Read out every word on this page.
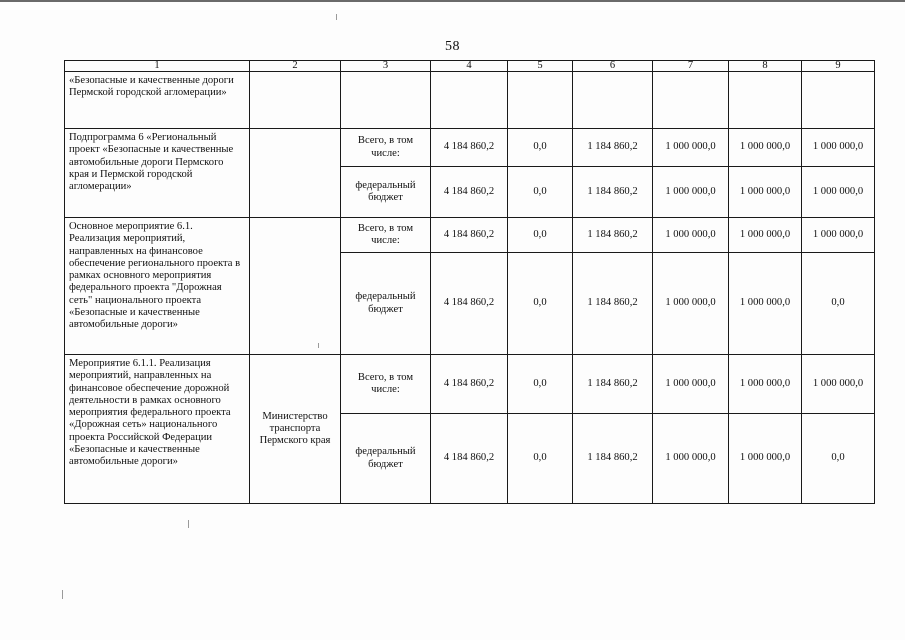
58
1	2	3	4	5	6	7	8	9
«Безопасные и качественные дороги Пермской городской агломерации»								
Подпрограмма 6 «Региональный проект «Безопасные и качественные автомобильные дороги Пермского края и Пермской городской агломерации»		Всего, в том числе:	4 184 860,2	0,0	1 184 860,2	1 000 000,0	1 000 000,0	1 000 000,0
		федеральный бюджет	4 184 860,2	0,0	1 184 860,2	1 000 000,0	1 000 000,0	1 000 000,0
Основное мероприятие 6.1. Реализация мероприятий, направленных на финансовое обеспечение регионального проекта в рамках основного мероприятия федерального проекта "Дорожная сеть" национального проекта «Безопасные и качественные автомобильные дороги»		Всего, в том числе:	4 184 860,2	0,0	1 184 860,2	1 000 000,0	1 000 000,0	1 000 000,0
		федеральный бюджет	4 184 860,2	0,0	1 184 860,2	1 000 000,0	1 000 000,0	0,0
Мероприятие 6.1.1. Реализация мероприятий, направленных на финансовое обеспечение дорожной деятельности в рамках основного мероприятия федерального проекта «Дорожная сеть» национального проекта Российской Федерации «Безопасные и качественные автомобильные дороги»	Министерство транспорта Пермского края	Всего, в том числе:	4 184 860,2	0,0	1 184 860,2	1 000 000,0	1 000 000,0	1 000 000,0
		федеральный бюджет	4 184 860,2	0,0	1 184 860,2	1 000 000,0	1 000 000,0	0,0
